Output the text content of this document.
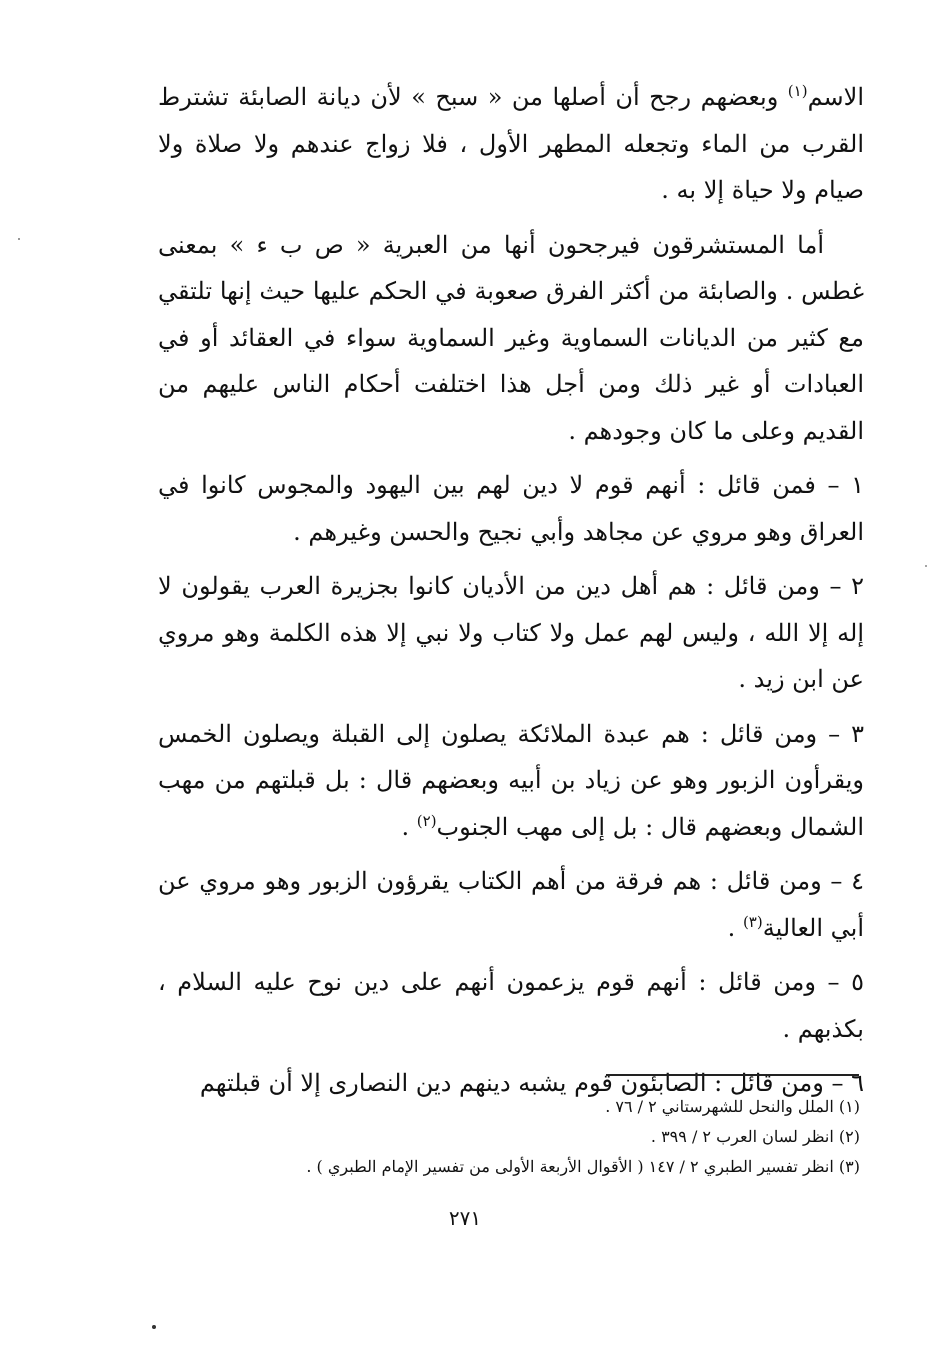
الاسم$^{(١)}$ وبعضهم رجح أن أصلها من « سبح » لأن ديانة الصابئة تشترط القرب من الماء وتجعله المطهر الأول ، فلا زواج عندهم ولا صلاة ولا صيام ولا حياة إلا به .

أما المستشرقون فيرجحون أنها من العبرية « ص ب ء » بمعنى غطس . والصابئة من أكثر الفرق صعوبة في الحكم عليها حيث إنها تلتقي مع كثير من الديانات السماوية وغير السماوية سواء في العقائد أو في العبادات أو غير ذلك ومن أجل هذا اختلفت أحكام الناس عليهم من القديم وعلى ما كان وجودهم .

١ – فمن قائل : أنهم قوم لا دين لهم بين اليهود والمجوس كانوا في العراق وهو مروي عن مجاهد وأبي نجيح والحسن وغيرهم .

٢ – ومن قائل : هم أهل دين من الأديان كانوا بجزيرة العرب يقولون لا إله إلا الله ، وليس لهم عمل ولا كتاب ولا نبي إلا هذه الكلمة وهو مروي عن ابن زيد .

٣ – ومن قائل : هم عبدة الملائكة يصلون إلى القبلة ويصلون الخمس ويقرأون الزبور وهو عن زياد بن أبيه وبعضهم قال : بل قبلتهم من مهب الشمال وبعضهم قال : بل إلى مهب الجنوب$^{(٢)}$ .

٤ – ومن قائل : هم فرقة من أهم الكتاب يقرؤون الزبور وهو مروي عن أبي العالية$^{(٣)}$ .

٥ – ومن قائل : أنهم قوم يزعمون أنهم على دين نوح عليه السلام ، بكذبهم .

٦ – ومن قائل : الصابئون قوم يشبه دينهم دين النصارى إلا أن قبلتهم

(١) الملل والنحل للشهرستاني ٢ / ٧٦ .
(٢) انظر لسان العرب ٢ / ٣٩٩ .
(٣) انظر تفسير الطبري ٢ / ١٤٧ ( الأقوال الأربعة الأولى من تفسير الإمام الطبري ) .
٢٧١
